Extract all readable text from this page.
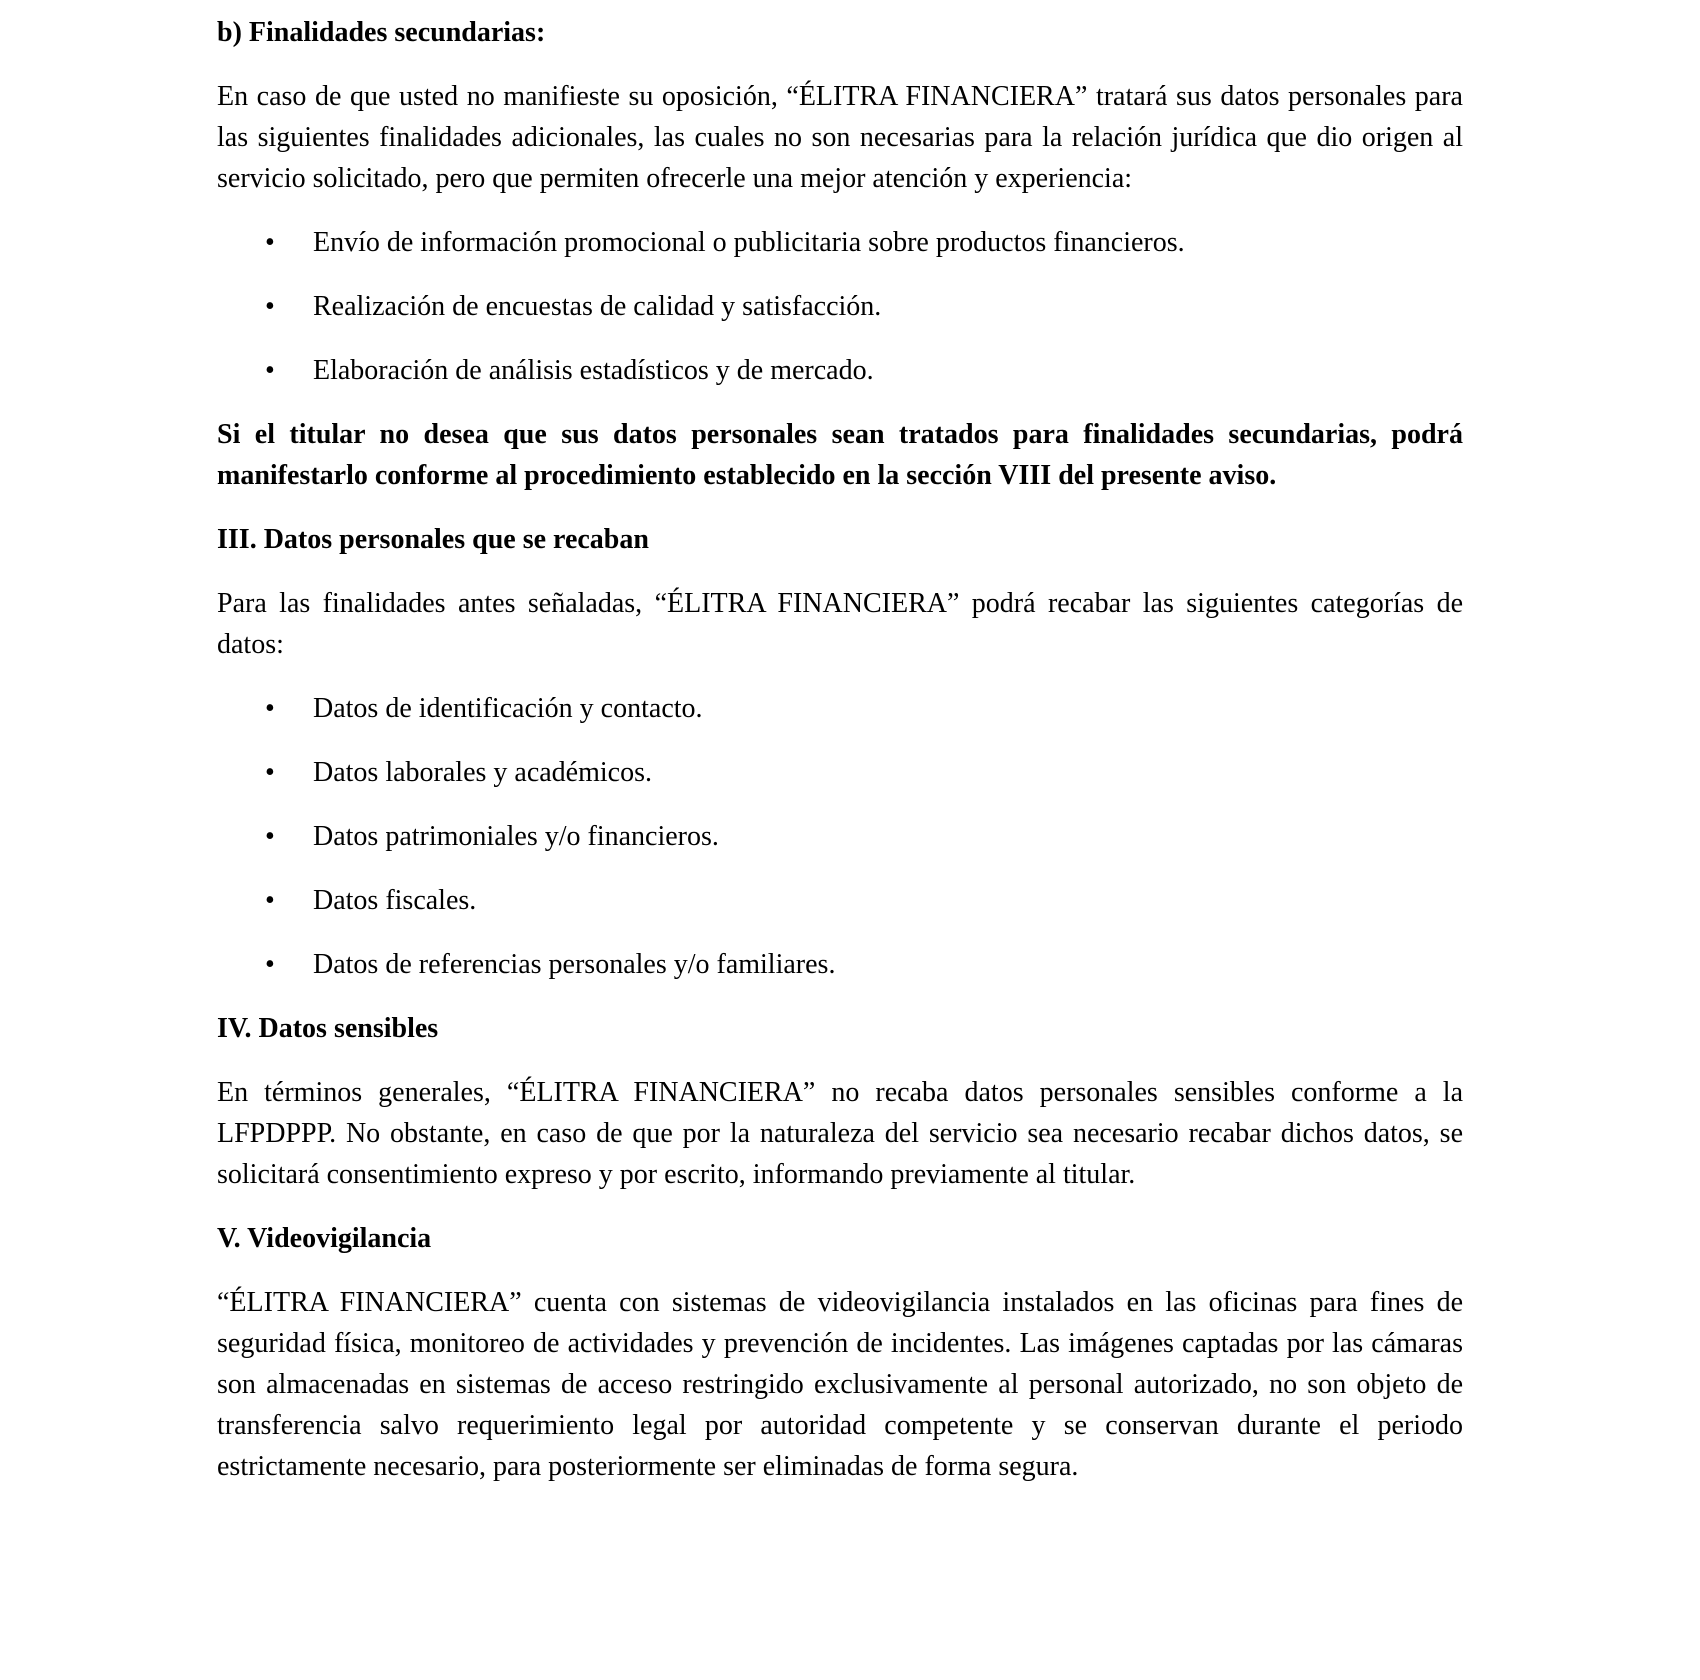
b) Finalidades secundarias:

En caso de que usted no manifieste su oposición, “ÉLITRA FINANCIERA” tratará sus datos personales para las siguientes finalidades adicionales, las cuales no son necesarias para la relación jurídica que dio origen al servicio solicitado, pero que permiten ofrecerle una mejor atención y experiencia:

• Envío de información promocional o publicitaria sobre productos financieros.
• Realización de encuestas de calidad y satisfacción.
• Elaboración de análisis estadísticos y de mercado.

Si el titular no desea que sus datos personales sean tratados para finalidades secundarias, podrá manifestarlo conforme al procedimiento establecido en la sección VIII del presente aviso.

III. Datos personales que se recaban

Para las finalidades antes señaladas, “ÉLITRA FINANCIERA” podrá recabar las siguientes categorías de datos:

• Datos de identificación y contacto.
• Datos laborales y académicos.
• Datos patrimoniales y/o financieros.
• Datos fiscales.
• Datos de referencias personales y/o familiares.
IV. Datos sensibles

En términos generales, “ÉLITRA FINANCIERA” no recaba datos personales sensibles conforme a la LFPDPPP. No obstante, en caso de que por la naturaleza del servicio sea necesario recabar dichos datos, se solicitará consentimiento expreso y por escrito, informando previamente al titular.

V. Videovigilancia

“ÉLITRA FINANCIERA” cuenta con sistemas de videovigilancia instalados en las oficinas para fines de seguridad física, monitoreo de actividades y prevención de incidentes. Las imágenes captadas por las cámaras son almacenadas en sistemas de acceso restringido exclusivamente al personal autorizado, no son objeto de transferencia salvo requerimiento legal por autoridad competente y se conservan durante el periodo estrictamente necesario, para posteriormente ser eliminadas de forma segura.
